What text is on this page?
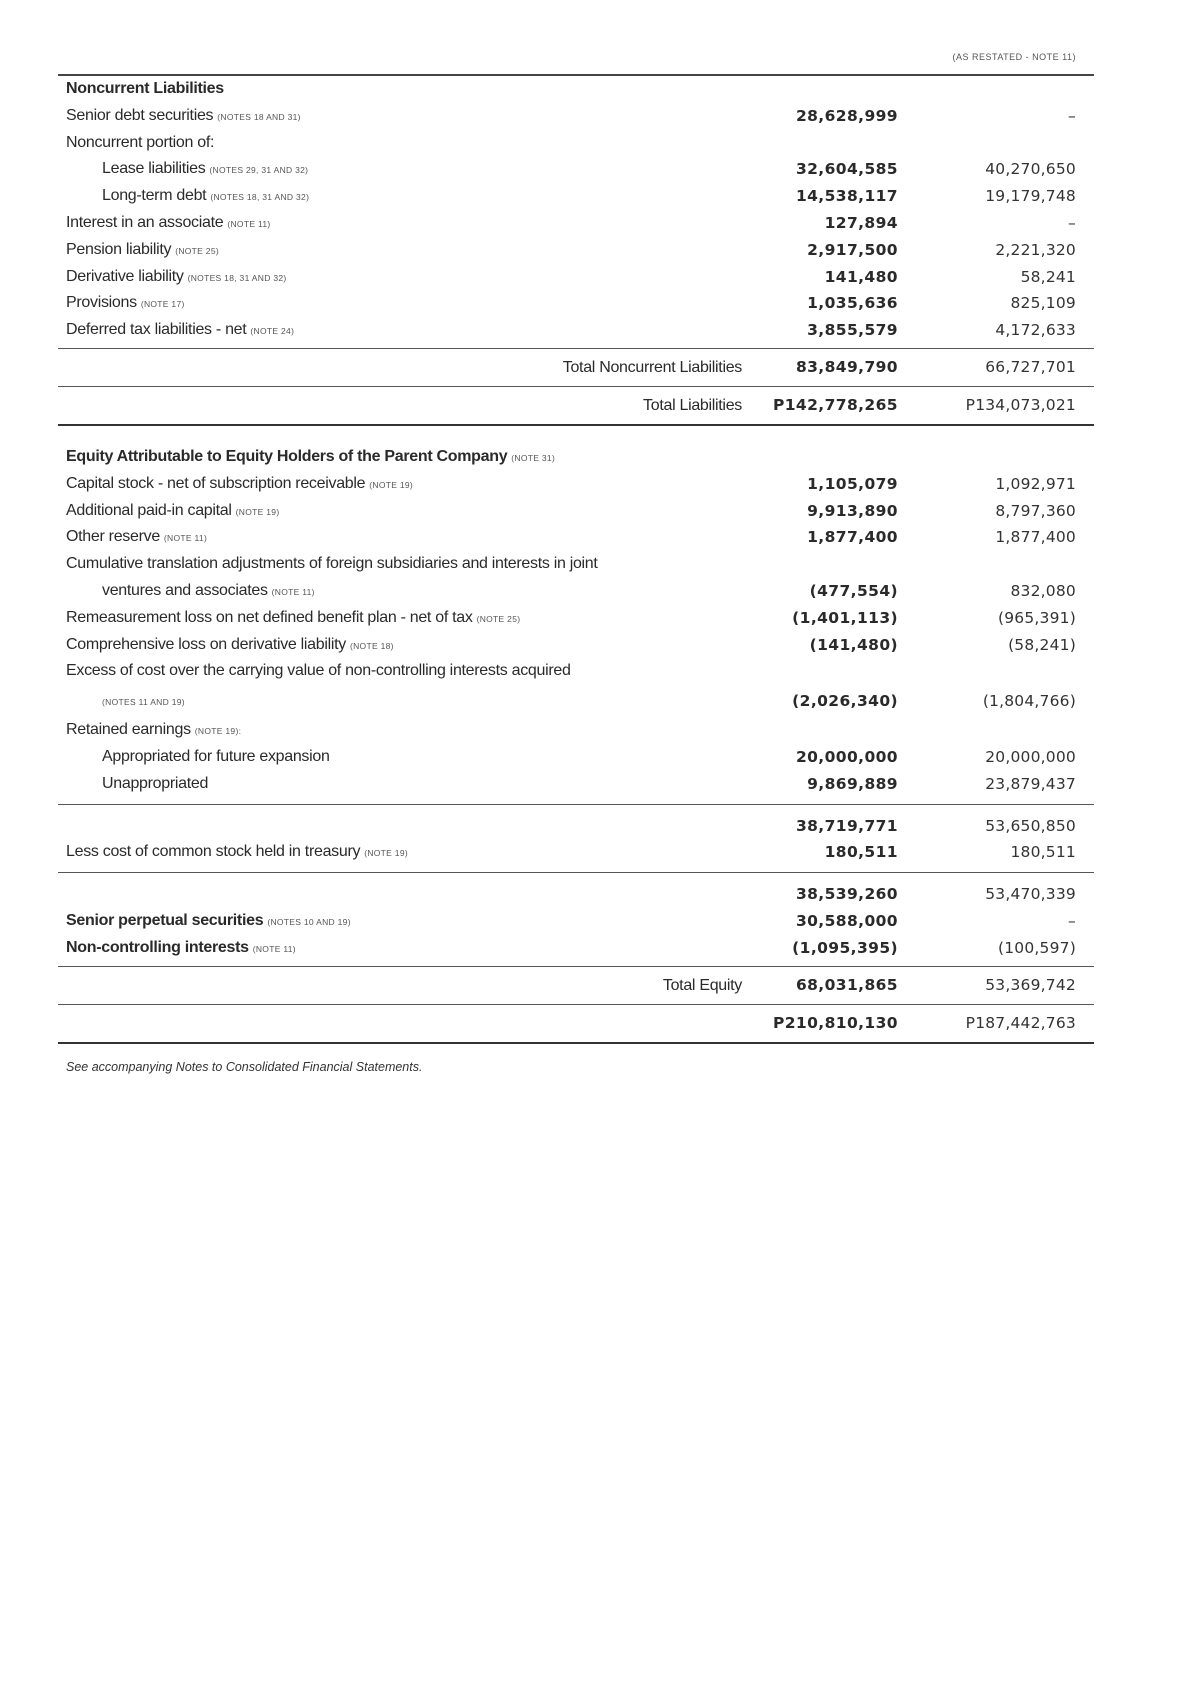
(AS RESTATED - NOTE 11)
Noncurrent Liabilities
Senior debt securities (NOTES 18 AND 31)	28,628,999	–
Noncurrent portion of:
Lease liabilities (NOTES 29, 31 AND 32)	32,604,585	40,270,650
Long-term debt (NOTES 18, 31 AND 32)	14,538,117	19,179,748
Interest in an associate (NOTE 11)	127,894	–
Pension liability (NOTE 25)	2,917,500	2,221,320
Derivative liability (NOTES 18, 31 AND 32)	141,480	58,241
Provisions (NOTE 17)	1,035,636	825,109
Deferred tax liabilities - net (NOTE 24)	3,855,579	4,172,633
Total Noncurrent Liabilities	83,849,790	66,727,701
Total Liabilities P142,778,265	P134,073,021
Equity Attributable to Equity Holders of the Parent Company (NOTE 31)
Capital stock - net of subscription receivable (NOTE 19)	1,105,079	1,092,971
Additional paid-in capital (NOTE 19)	9,913,890	8,797,360
Other reserve (NOTE 11)	1,877,400	1,877,400
Cumulative translation adjustments of foreign subsidiaries and interests in joint
ventures and associates (NOTE 11)	(477,554)	832,080
Remeasurement loss on net defined benefit plan - net of tax (NOTE 25)	(1,401,113)	(965,391)
Comprehensive loss on derivative liability (NOTE 18)	(141,480)	(58,241)
Excess of cost over the carrying value of non-controlling interests acquired
(NOTES 11 AND 19)	(2,026,340)	(1,804,766)
Retained earnings (NOTE 19):
Appropriated for future expansion	20,000,000	20,000,000
Unappropriated	9,869,889	23,879,437
38,719,771	53,650,850
Less cost of common stock held in treasury (NOTE 19)	180,511	180,511
38,539,260	53,470,339
Senior perpetual securities (NOTES 10 AND 19)	30,588,000	–
Non-controlling interests (NOTE 11)	(1,095,395)	(100,597)
Total Equity	68,031,865	53,369,742
P210,810,130	P187,442,763
See accompanying Notes to Consolidated Financial Statements.
